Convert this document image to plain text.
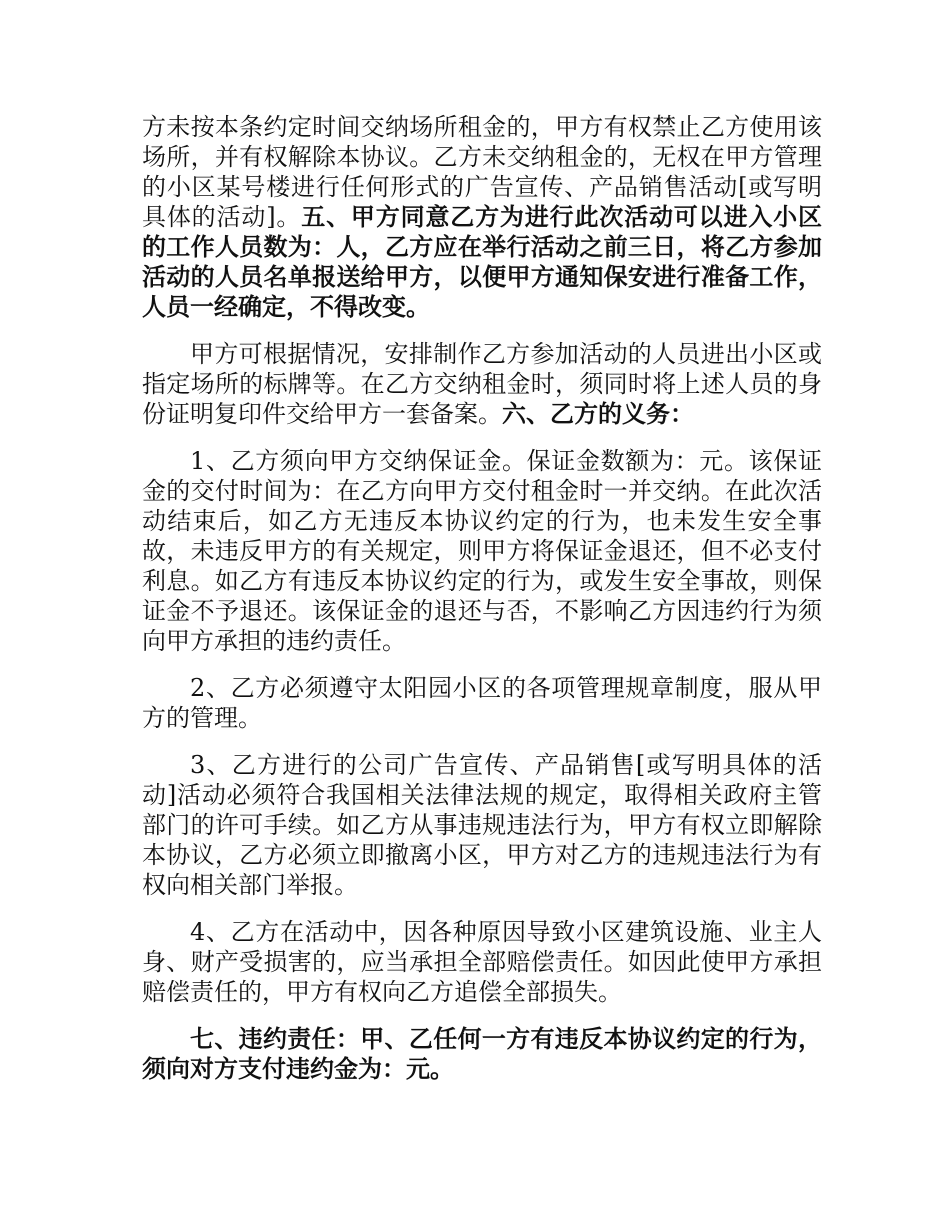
方未按本条约定时间交纳场所租金的，甲方有权禁止乙方使用该场所，并有权解除本协议。乙方未交纳租金的，无权在甲方管理的小区某号楼进行任何形式的广告宣传、产品销售活动[或写明具体的活动]。五、甲方同意乙方为进行此次活动可以进入小区的工作人员数为：人，乙方应在举行活动之前三日，将乙方参加活动的人员名单报送给甲方，以便甲方通知保安进行准备工作，人员一经确定，不得改变。

甲方可根据情况，安排制作乙方参加活动的人员进出小区或指定场所的标牌等。在乙方交纳租金时，须同时将上述人员的身份证明复印件交给甲方一套备案。六、乙方的义务：

1、乙方须向甲方交纳保证金。保证金数额为：元。该保证金的交付时间为：在乙方向甲方交付租金时一并交纳。在此次活动结束后，如乙方无违反本协议约定的行为，也未发生安全事故，未违反甲方的有关规定，则甲方将保证金退还，但不必支付利息。如乙方有违反本协议约定的行为，或发生安全事故，则保证金不予退还。该保证金的退还与否，不影响乙方因违约行为须向甲方承担的违约责任。

2、乙方必须遵守太阳园小区的各项管理规章制度，服从甲方的管理。

3、乙方进行的公司广告宣传、产品销售[或写明具体的活动]活动必须符合我国相关法律法规的规定，取得相关政府主管部门的许可手续。如乙方从事违规违法行为，甲方有权立即解除本协议，乙方必须立即撤离小区，甲方对乙方的违规违法行为有权向相关部门举报。

4、乙方在活动中，因各种原因导致小区建筑设施、业主人身、财产受损害的，应当承担全部赔偿责任。如因此使甲方承担赔偿责任的，甲方有权向乙方追偿全部损失。

七、违约责任：甲、乙任何一方有违反本协议约定的行为，须向对方支付违约金为：元。
